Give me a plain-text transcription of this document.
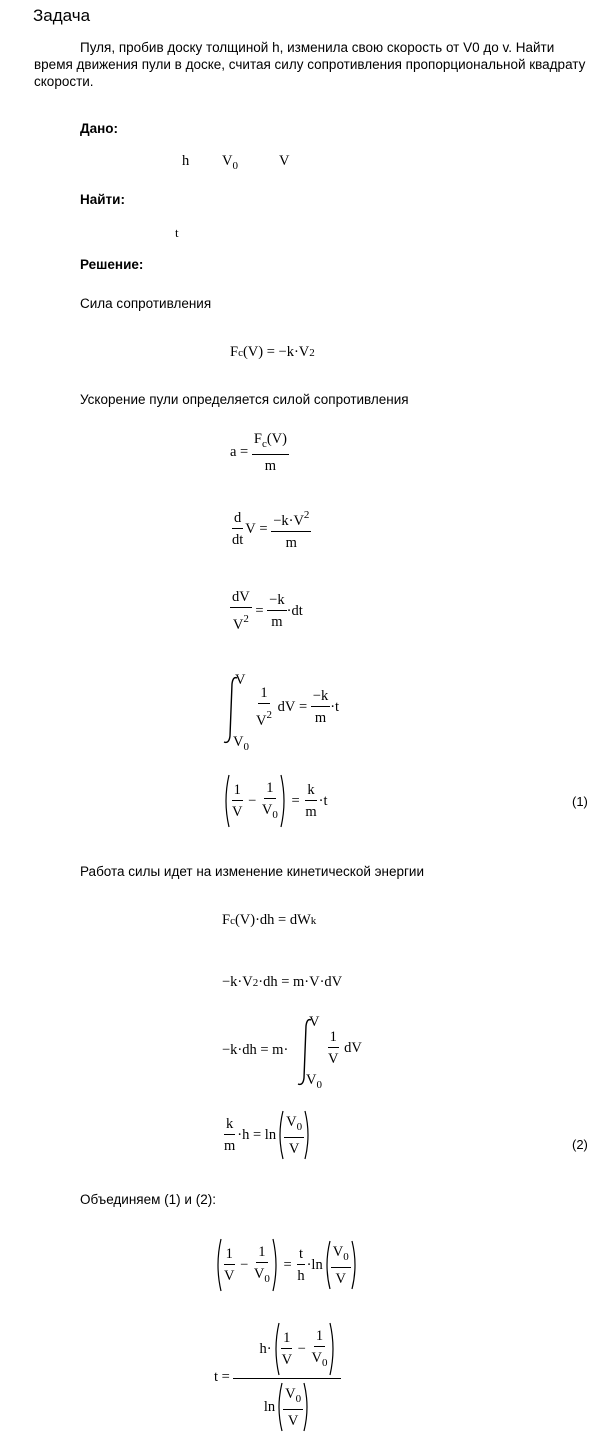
Задача
Пуля, пробив доску толщиной h, изменила свою скорость от V0 до v. Найти время движения пули в доске, считая силу сопротивления пропорциональной квадрату скорости.
Дано:
h $V_0$	V
Найти:
t
Решение:
Сила сопротивления
F c (V) = −k·V 2
Ускорение пули определяется силой сопротивления
$a = \frac{F_c(V)}{m}$
$\frac{d}{dt}$ $V = \frac{-k\cdot V^2}{m}$
$\frac{dV}{V^2} = \frac{-k}{m} \cdot dt$
V
$V_0$
$\frac{1}{V^2}$ dV = $\frac{-k}{m} \cdot t$
$\frac{1}{V} - \frac{1}{V_0} = \frac{k}{m} \cdot t$	(1)
Работа силы идет на изменение кинетической энергии
F c (V)·dh = dW k
−k·V 2 ·dh = m·V·dV
−k·dh = m·
V
$V_0$
$\frac{1}{V}$ dV
$\frac{k}{m} \cdot h = \ln \frac{V_0}{V}$	(2)
Объединяем (1) и (2):
$\frac{1}{V} - \frac{1}{V_0} = \frac{t}{h} \cdot\ln \frac{V_0}{V}$
$t = \frac{h\cdot \frac{1}{V} - \frac{1}{V_0}}{\ln \frac{V_0}{V}}$
